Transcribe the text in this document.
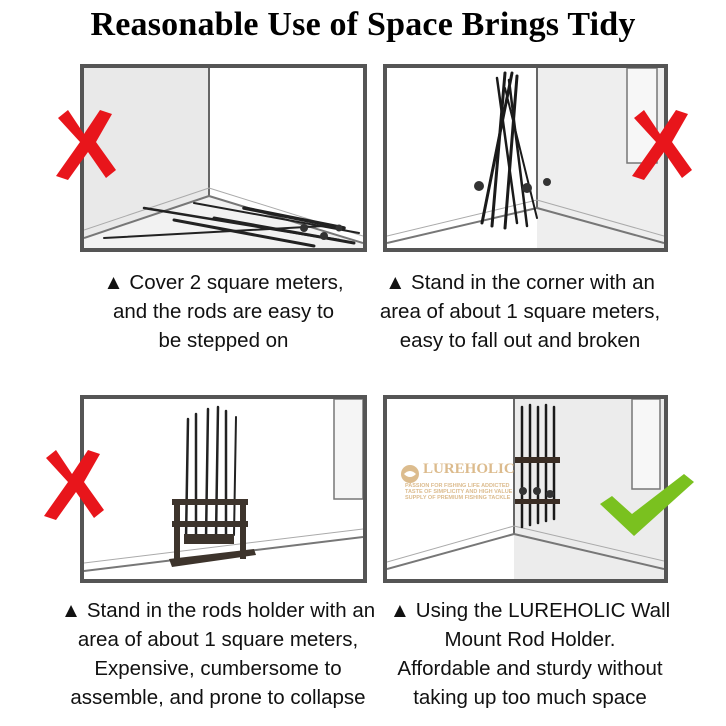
Reasonable Use of Space Brings Tidy
▲ Cover 2 square meters,
and the rods are easy to
be stepped on
▲ Stand in the corner with an
area of about 1 square meters,
easy to fall out and broken
▲ Stand in the rods holder with an
area of about 1 square meters,
Expensive, cumbersome to
assemble, and prone to collapse
LUREHOLIC
PASSION FOR FISHING LIFE ADDICTED
TASTE OF SIMPLICITY AND HIGH VALUE
SUPPLY OF PREMIUM FISHING TACKLE
▲ Using the LUREHOLIC Wall
Mount Rod Holder.
Affordable and sturdy without
taking up too much space
